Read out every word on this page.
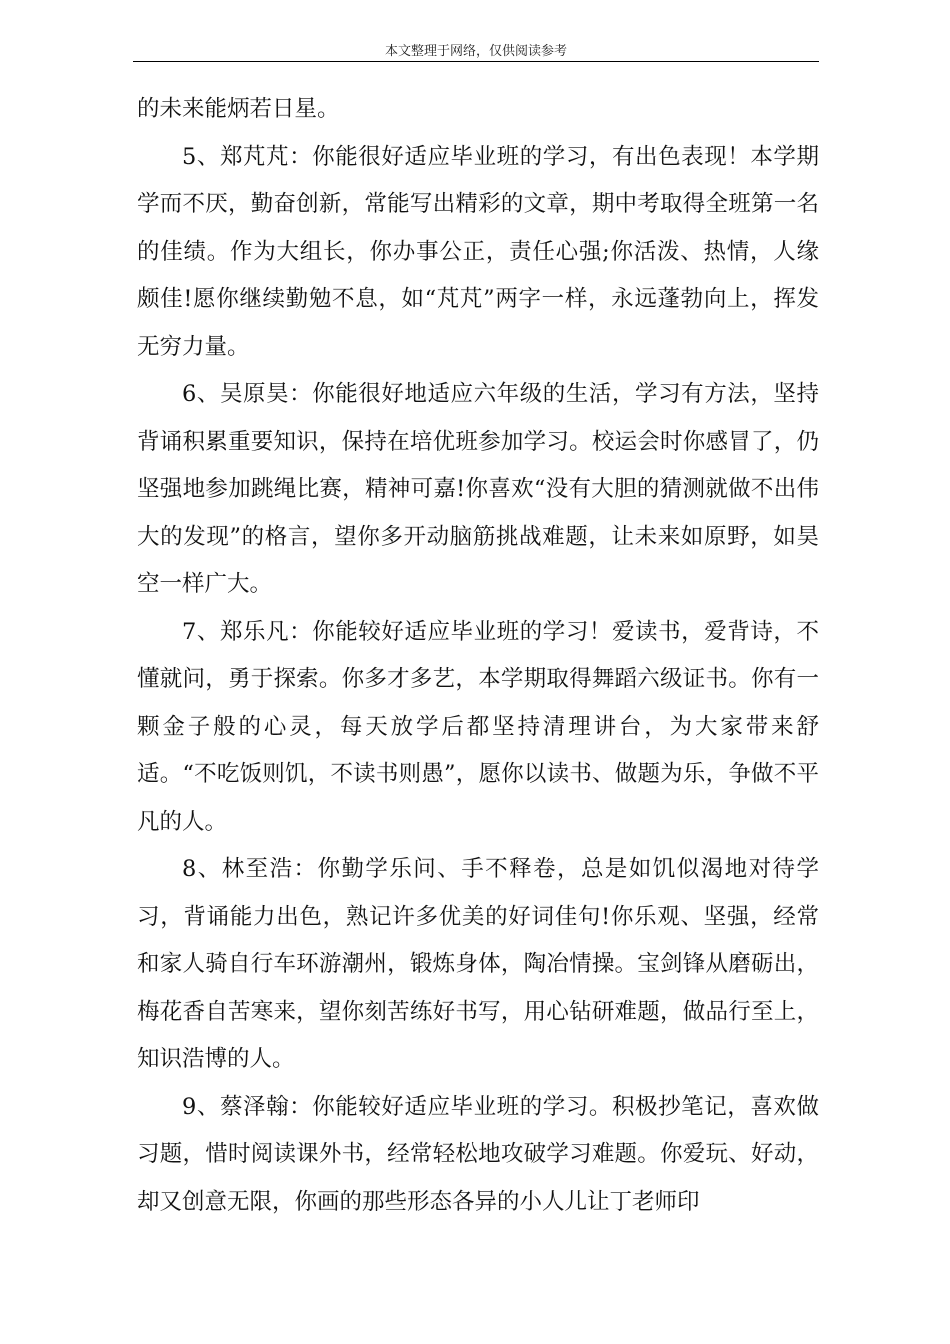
本文整理于网络，仅供阅读参考

的未来能炳若日星。

5、郑芃芃：你能很好适应毕业班的学习，有出色表现！本学期学而不厌，勤奋创新，常能写出精彩的文章，期中考取得全班第一名的佳绩。作为大组长，你办事公正，责任心强;你活泼、热情，人缘颇佳!愿你继续勤勉不息，如“芃芃”两字一样，永远蓬勃向上，挥发无穷力量。

6、吴原昊：你能很好地适应六年级的生活，学习有方法，坚持背诵积累重要知识，保持在培优班参加学习。校运会时你感冒了，仍坚强地参加跳绳比赛，精神可嘉!你喜欢“没有大胆的猜测就做不出伟大的发现”的格言，望你多开动脑筋挑战难题，让未来如原野，如昊空一样广大。

7、郑乐凡：你能较好适应毕业班的学习！爱读书，爱背诗，不懂就问，勇于探索。你多才多艺，本学期取得舞蹈六级证书。你有一颗金子般的心灵，每天放学后都坚持清理讲台，为大家带来舒适。“不吃饭则饥，不读书则愚”，愿你以读书、做题为乐，争做不平凡的人。

8、林至浩：你勤学乐问、手不释卷，总是如饥似渴地对待学习，背诵能力出色，熟记许多优美的好词佳句!你乐观、坚强，经常和家人骑自行车环游潮州，锻炼身体，陶冶情操。宝剑锋从磨砺出，梅花香自苦寒来，望你刻苦练好书写，用心钻研难题，做品行至上，知识浩博的人。

9、蔡泽翰：你能较好适应毕业班的学习。积极抄笔记，喜欢做习题，惜时阅读课外书，经常轻松地攻破学习难题。你爱玩、好动，却又创意无限，你画的那些形态各异的小人儿让丁老师印
